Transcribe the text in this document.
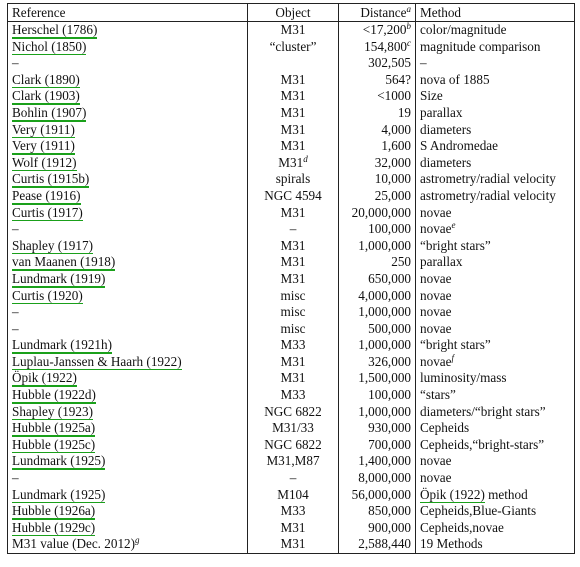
Reference	Object	Distance$^a$	Method
Herschel (1786)	M31	<17,200$^b$	color/magnitude
Nichol (1850)	“cluster”	154,800$^c$	magnitude comparison
–		302,505	–
Clark (1890)	M31	564?	nova of 1885
Clark (1903)	M31	<1000	Size
Bohlin (1907)	M31	19	parallax
Very (1911)	M31	4,000	diameters
Very (1911)	M31	1,600	S Andromedae
Wolf (1912)	M31$^d$	32,000	diameters
Curtis (1915b)	spirals	10,000	astrometry/radial velocity
Pease (1916)	NGC 4594	25,000	astrometry/radial velocity
Curtis (1917)	M31	20,000,000	novae
–	–	100,000	novae$^e$
Shapley (1917)	M31	1,000,000	“bright stars”
van Maanen (1918)	M31	250	parallax
Lundmark (1919)	M31	650,000	novae
Curtis (1920)	misc	4,000,000	novae
–	misc	1,000,000	novae
–	misc	500,000	novae
Lundmark (1921h)	M33	1,000,000	“bright stars”
Luplau-Janssen & Haarh (1922)	M31	326,000	novae$^f$
Öpik (1922)	M31	1,500,000	luminosity/mass
Hubble (1922d)	M33	100,000	“stars”
Shapley (1923)	NGC 6822	1,000,000	diameters/“bright stars”
Hubble (1925a)	M31/33	930,000	Cepheids
Hubble (1925c)	NGC 6822	700,000	Cepheids,“bright-stars”
Lundmark (1925)	M31,M87	1,400,000	novae
–	–	8,000,000	novae
Lundmark (1925)	M104	56,000,000	Öpik (1922) method
Hubble (1926a)	M33	850,000	Cepheids,Blue-Giants
Hubble (1929c)	M31	900,000	Cepheids,novae
M31 value (Dec. 2012)$^g$	M31	2,588,440	19 Methods
